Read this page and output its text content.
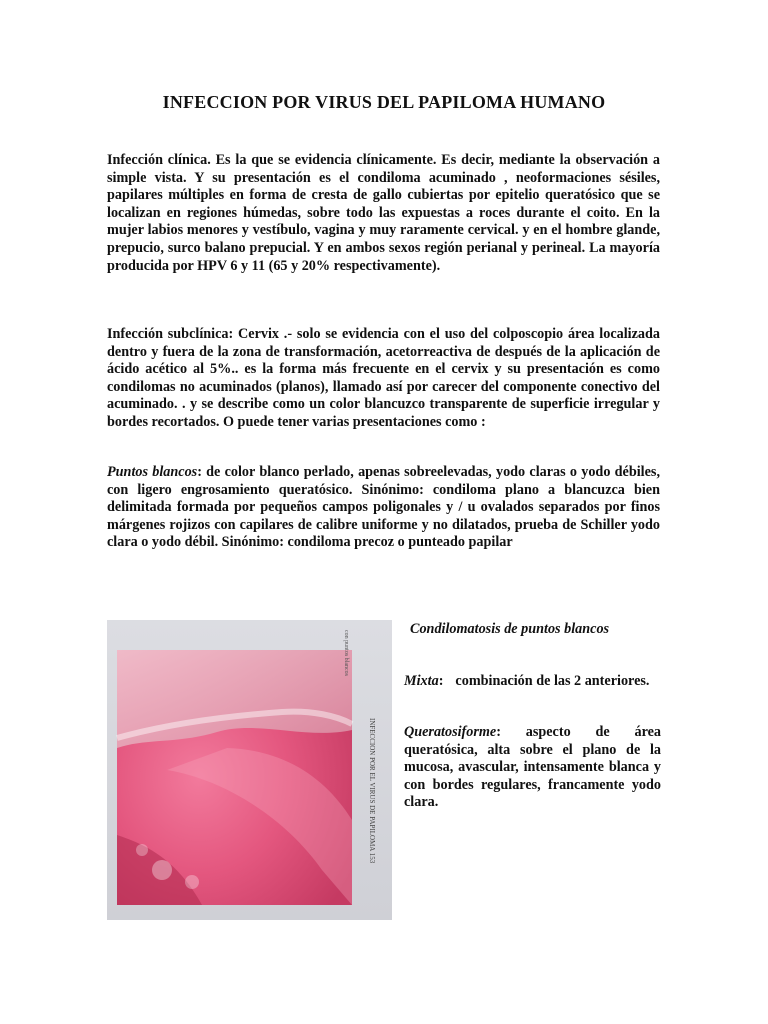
INFECCION POR VIRUS DEL PAPILOMA HUMANO

Infección clínica. Es la que se evidencia clínicamente. Es decir, mediante la observación a simple vista. Y su presentación es el condiloma acuminado , neoformaciones sésiles, papilares múltiples en forma de cresta de gallo cubiertas por epitelio queratósico que se localizan en regiones húmedas, sobre todo las expuestas a roces durante el coito. En la mujer labios menores y vestíbulo, vagina y muy raramente cervical. y en el hombre glande, prepucio, surco balano prepucial. Y en ambos sexos región perianal y perineal. La mayoría producida por HPV 6 y 11 (65 y 20% respectivamente).

Infección subclínica: Cervix .- solo se evidencia con el uso del colposcopio área localizada dentro y fuera de la zona de transformación, acetorreactiva de después de la aplicación de ácido acético al 5%.. es la forma más frecuente en el cervix y su presentación es como condilomas no acuminados (planos), llamado así por carecer del componente conectivo del acuminado. . y se describe como un color blancuzco transparente de superficie irregular y bordes recortados. O puede tener varias presentaciones como :

Puntos blancos: de color blanco perlado, apenas sobreelevadas, yodo claras o yodo débiles, con ligero engrosamiento queratósico. Sinónimo: condiloma plano a blancuzca bien delimitada formada por pequeños campos poligonales y / u ovalados separados por finos márgenes rojizos con capilares de calibre uniforme y no dilatados, prueba de Schiller yodo clara o yodo débil. Sinónimo: condiloma precoz o punteado papilar

INFECCION POR EL VIRUS DE PAPILOMA 153
con puntos blancos
Condilomatosis de puntos blancos

Mixta: combinación de las 2 anteriores.

Queratosiforme: aspecto de área queratósica, alta sobre el plano de la mucosa, avascular, intensamente blanca y con bordes regulares, francamente yodo clara.
